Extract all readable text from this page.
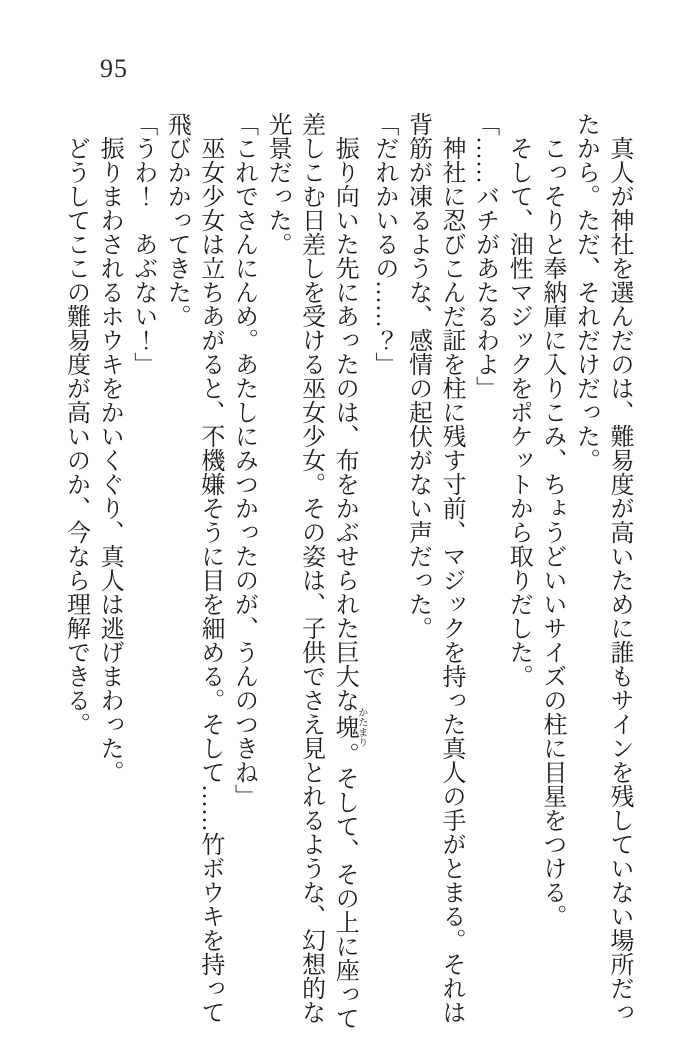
95
真人が神社を選んだのは、難易度が高いために誰もサインを残していない場所だっ
たから。ただ、それだけだった。
こっそりと奉納庫に入りこみ、ちょうどいいサイズの柱に目星をつける。
そして、油性マジックをポケットから取りだした。
「……バチがあたるわよ」
神社に忍びこんだ証を柱に残す寸前、マジックを持った真人の手がとまる。それは
背筋が凍るような、感情の起伏がない声だった。
「だれかいるの……？」
振り向いた先にあったのは、布をかぶせられた巨大な塊かたまり。そして、その上に座って
差しこむ日差しを受ける巫女少女。その姿は、子供でさえ見とれるような、幻想的な
光景だった。
「これでさんにんめ。あたしにみつかったのが、うんのつきね」
巫女少女は立ちあがると、不機嫌そうに目を細める。そして……竹ボウキを持って
飛びかかってきた。
「うわ！　あぶない！」
振りまわされるホウキをかいくぐり、真人は逃げまわった。
どうしてここの難易度が高いのか、今なら理解できる。
